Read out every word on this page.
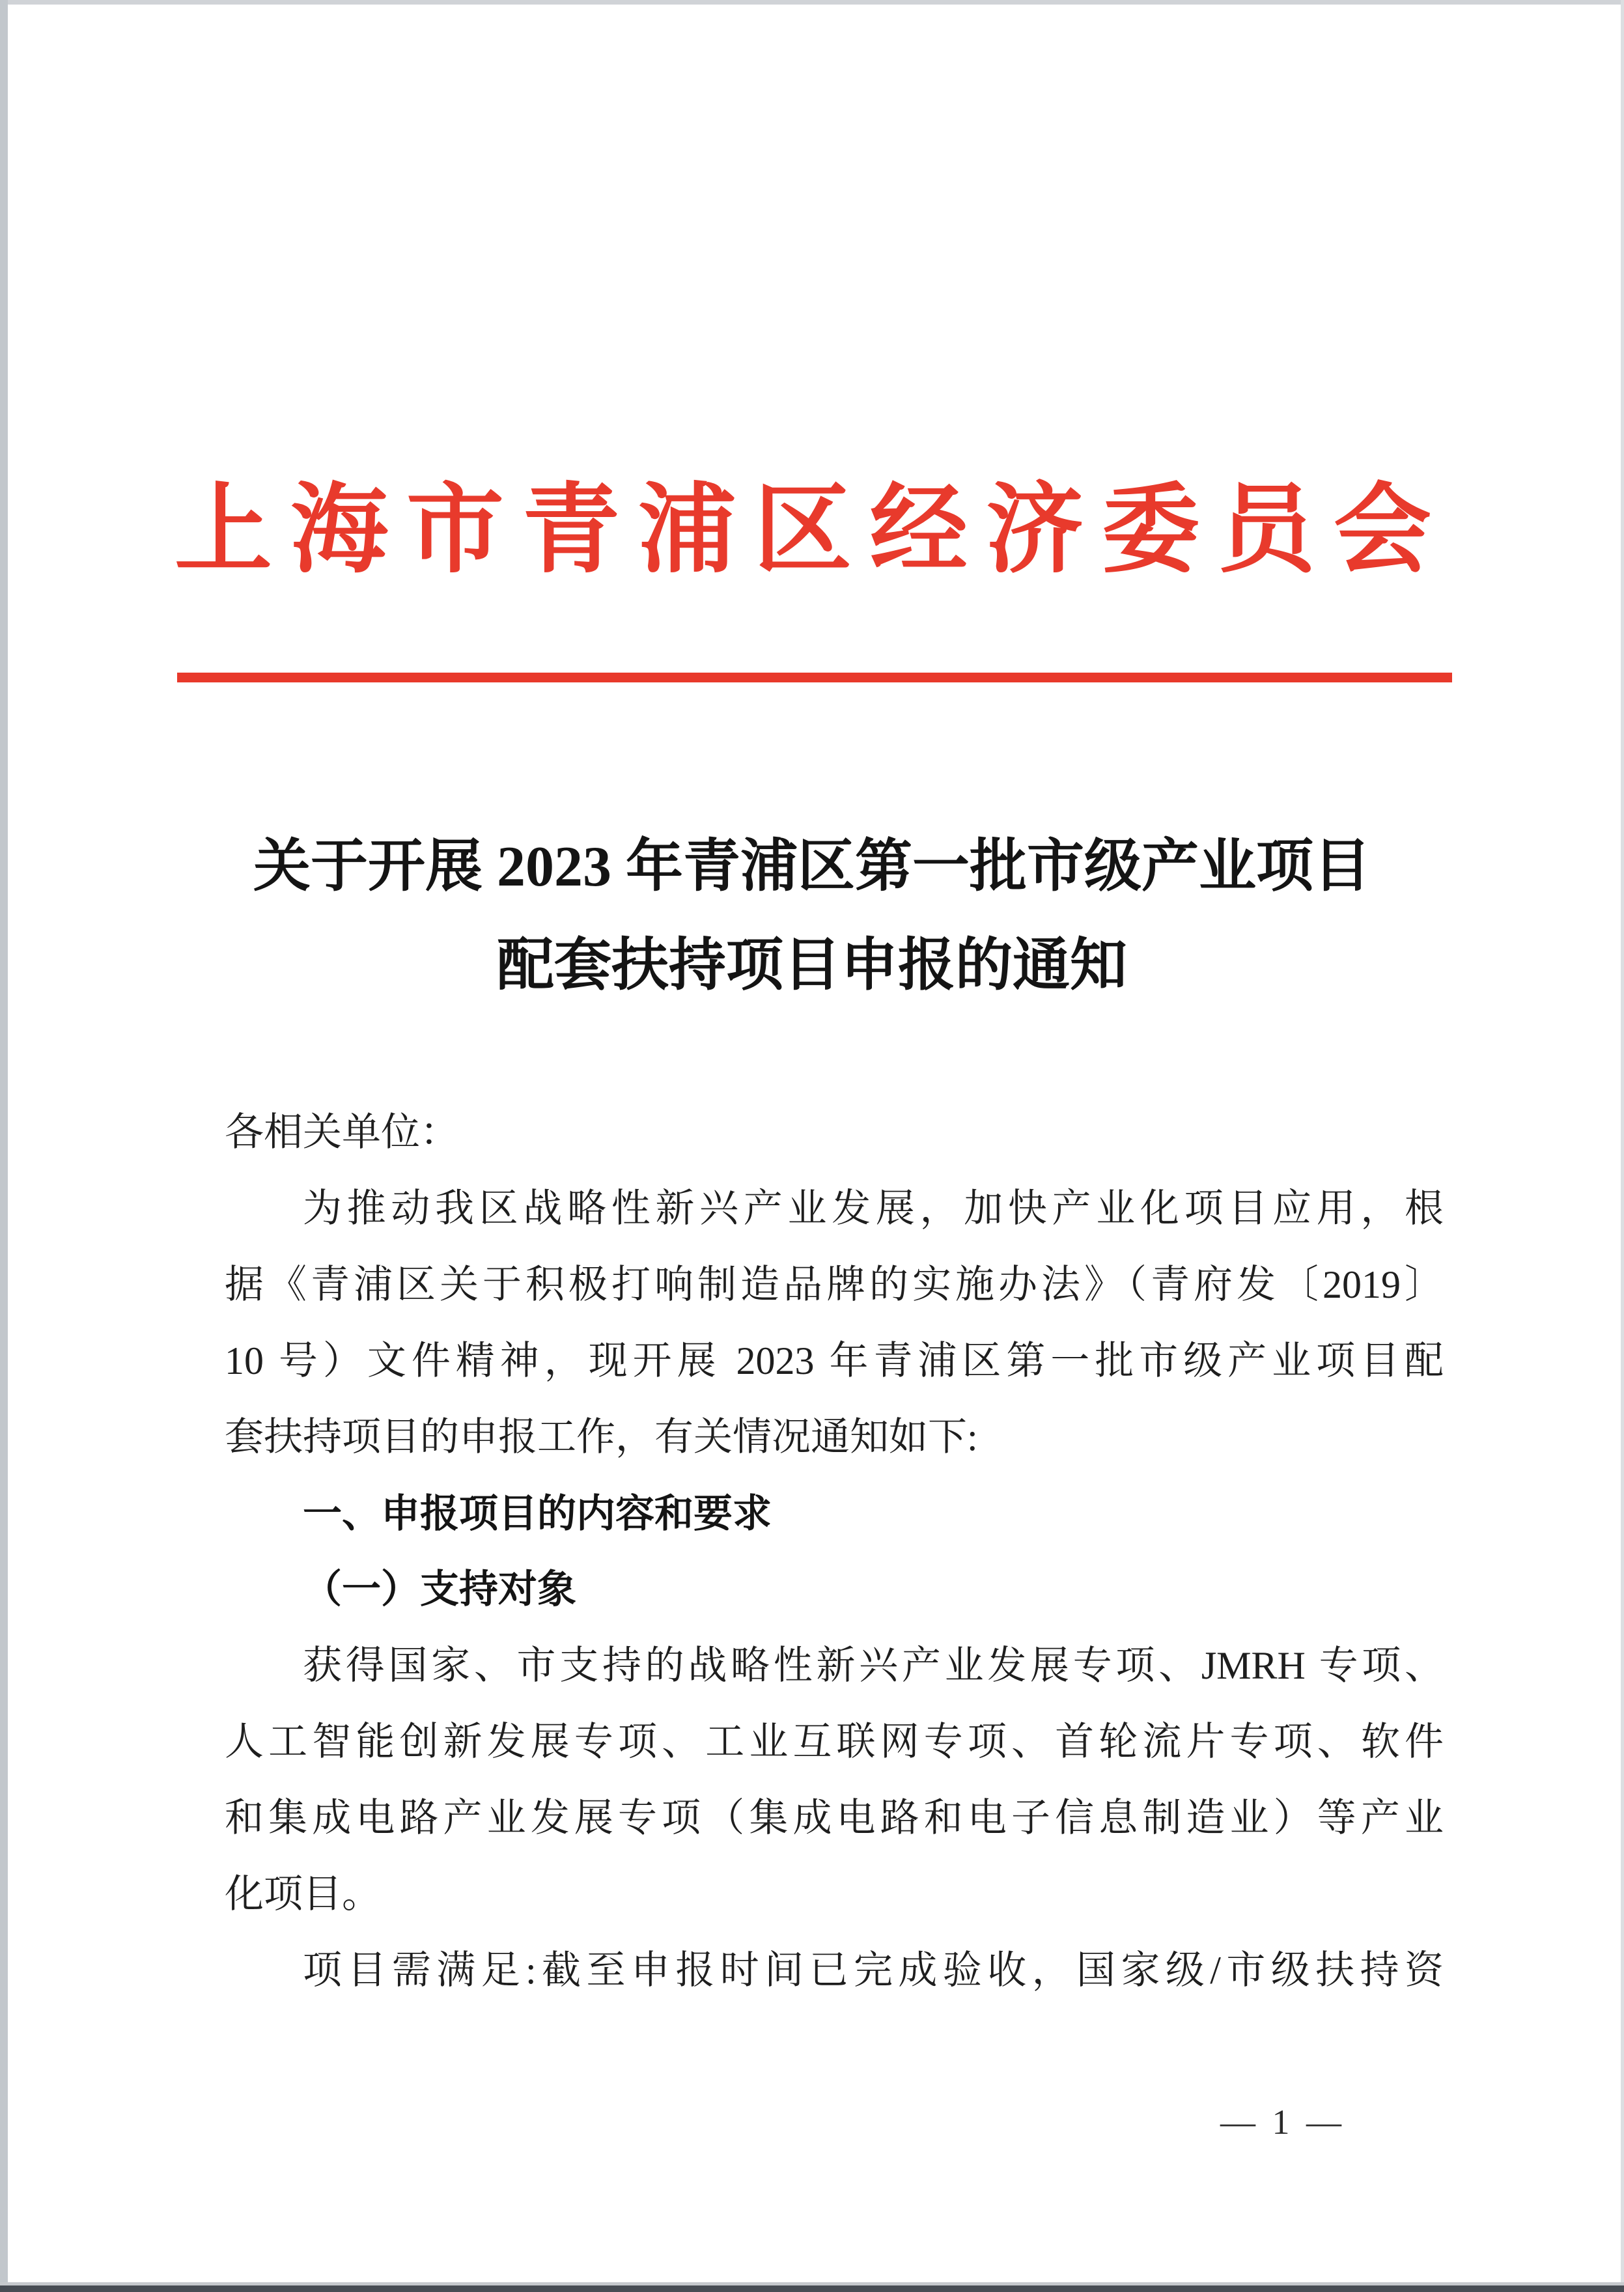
上海市青浦区经济委员会
关于开展 2023 年青浦区第一批市级产业项目
配套扶持项目申报的通知
各相关单位：
为推动我区战略性新兴产业发展，加快产业化项目应用，根
据《青浦区关于积极打响制造品牌的实施办法》（青府发〔2019〕
10 号）文件精神，现开展 2023 年青浦区第一批市级产业项目配
套扶持项目的申报工作，有关情况通知如下:
一、申报项目的内容和要求
（一）支持对象
获得国家、市支持的战略性新兴产业发展专项、JMRH 专项、
人工智能创新发展专项、工业互联网专项、首轮流片专项、软件
和集成电路产业发展专项（集成电路和电子信息制造业）等产业
化项目。
项目需满足:截至申报时间已完成验收，国家级/市级扶持资
— 1 —
